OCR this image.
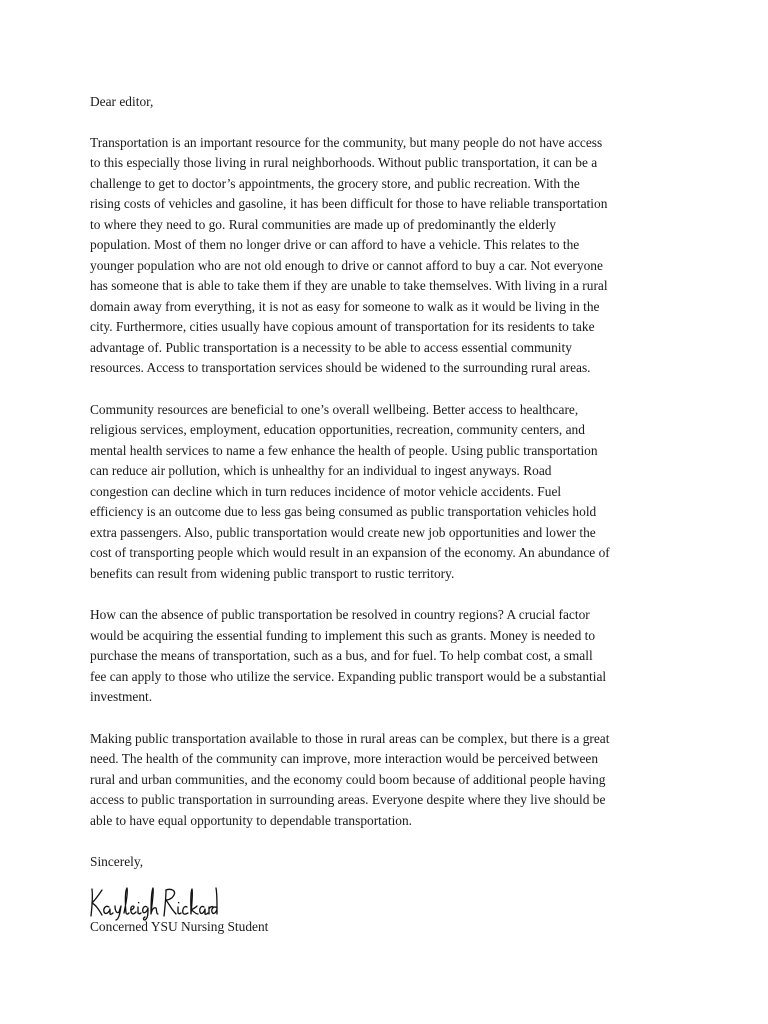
Dear editor,

Transportation is an important resource for the community, but many people do not have access
to this especially those living in rural neighborhoods. Without public transportation, it can be a
challenge to get to doctor’s appointments, the grocery store, and public recreation. With the
rising costs of vehicles and gasoline, it has been difficult for those to have reliable transportation
to where they need to go. Rural communities are made up of predominantly the elderly
population. Most of them no longer drive or can afford to have a vehicle. This relates to the
younger population who are not old enough to drive or cannot afford to buy a car. Not everyone
has someone that is able to take them if they are unable to take themselves. With living in a rural
domain away from everything, it is not as easy for someone to walk as it would be living in the
city. Furthermore, cities usually have copious amount of transportation for its residents to take
advantage of. Public transportation is a necessity to be able to access essential community
resources. Access to transportation services should be widened to the surrounding rural areas.

Community resources are beneficial to one’s overall wellbeing. Better access to healthcare,
religious services, employment, education opportunities, recreation, community centers, and
mental health services to name a few enhance the health of people. Using public transportation
can reduce air pollution, which is unhealthy for an individual to ingest anyways. Road
congestion can decline which in turn reduces incidence of motor vehicle accidents. Fuel
efficiency is an outcome due to less gas being consumed as public transportation vehicles hold
extra passengers. Also, public transportation would create new job opportunities and lower the
cost of transporting people which would result in an expansion of the economy. An abundance of
benefits can result from widening public transport to rustic territory.

How can the absence of public transportation be resolved in country regions? A crucial factor
would be acquiring the essential funding to implement this such as grants. Money is needed to
purchase the means of transportation, such as a bus, and for fuel. To help combat cost, a small
fee can apply to those who utilize the service. Expanding public transport would be a substantial
investment.

Making public transportation available to those in rural areas can be complex, but there is a great
need. The health of the community can improve, more interaction would be perceived between
rural and urban communities, and the economy could boom because of additional people having
access to public transportation in surrounding areas. Everyone despite where they live should be
able to have equal opportunity to dependable transportation.

Sincerely,

Concerned YSU Nursing Student
